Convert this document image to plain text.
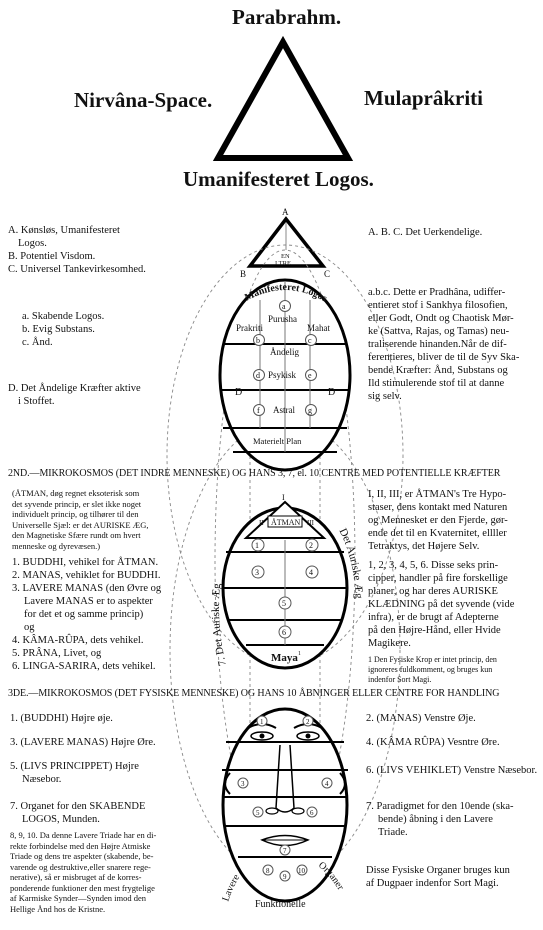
Parabrahm.
Nirvâna-Space.	Mulaprâkriti
Umanifesteret Logos.
A
B	C
EN
I TRE
Manifesteret Logos
a
b	c
d	e
f	g
Purusha
Prakriti	Mahat
Åndelig
Psykisk
Astral
Materielt Plan
D	D
I
II	III
ÅTMAN
1	2
3	4
5
6
Maya 1
7. Det Auriske Æg
Det Auriske Æg
1	2
3	4
5	6
7
8
9
10
Lavere
Organer
Funktionelle
A. Kønsløs, Umanifesteret
Logos.
B. Potentiel Visdom.
C. Universel Tankevirkesomhed.
a. Skabende Logos.
b. Evig Substans.
c. Ånd.
D. Det Åndelige Kræfter aktive
i Stoffet.
A. B. C. Det Uerkendelige.
a.b.c. Dette er Pradhâna, udiffer-
entieret stof i Sankhya filosofien,
eller Godt, Ondt og Chaotisk Mør-
ke (Sattva, Rajas, og Tamas) neu-
traliserende hinanden.Når de dif-
ferentieres, bliver de til de Syv Ska-
bende Kræfter: Ånd, Substans og
Ild stimulerende stof til at danne
sig selv.
2ND.—MIKROKOSMOS (DET INDRE MENNESKE) OG HANS 3, 7, el. 10 CENTRE MED POTENTIELLE KRÆFTER
(ÅTMAN, døg regnet eksoterisk som
det syvende princip, er slet ikke noget
individuelt princip, og tilhører til den
Universelle Sjæl: er det AURISKE ÆG,
den Magnetiske Sfære rundt om hvert
menneske og dyrevæsen.)
1. BUDDHI, vehikel for ÅTMAN.
2. MANAS, vehiklet for BUDDHI.
3. LAVERE MANAS (den Øvre og
Lavere MANAS er to aspekter
for det et og samme princip)
og
4. KÂMA-RÛPA, dets vehikel.
5. PRÂNA, Livet, og
6. LINGA-SARIRA, dets vehikel.
I, II, III, er ÅTMAN's Tre Hypo-
staser, dens kontakt med Naturen
og Mennesket er den Fjerde, gør-
ende det til en Kvaternitet, ellller
Tetraktys, det Højere Selv.
1, 2, 3, 4, 5, 6. Disse seks prin-
cipper, handler på fire forskellige
planer, og har deres AURISKE
KLÆDNING på det syvende (vide
infra), er de brugt af Adepterne
på den Højre-Hånd, eller Hvide
Magikere.
1 Den Fysiske Krop er intet princip, den
ignoreres fuldkomment, og bruges kun
indenfor Sort Magi.
3DE.—MIKROKOSMOS (DET FYSISKE MENNESKE) OG HANS 10 ÅBNINGER ELLER CENTRE FOR HANDLING
1. (BUDDHI) Højre øje.
3. (LAVERE MANAS) Højre Øre.
5. (LIVS PRINCIPPET) Højre
Næsebor.
7. Organet for den SKABENDE
LOGOS, Munden.
8, 9, 10. Da denne Lavere Triade har en di-
rekte forbindelse med den Højre Atmiske
Triade og dens tre aspekter (skabende, be-
varende og destruktive,eller snarere rege-
nerative), så er misbruget af de korres-
ponderende funktioner den mest frygtelige
af Karmiske Synder—Synden imod den
Hellige Ånd hos de Kristne.
2. (MANAS) Venstre Øje.
4. (KÂMA RÛPA) Vesntre Øre.
6. (LIVS VEHIKLET) Venstre Næsebor.
7. Paradigmet for den 10ende (ska-
bende) åbning i den Lavere
Triade.
Disse Fysiske Organer bruges kun
af Dugpaer indenfor Sort Magi.
